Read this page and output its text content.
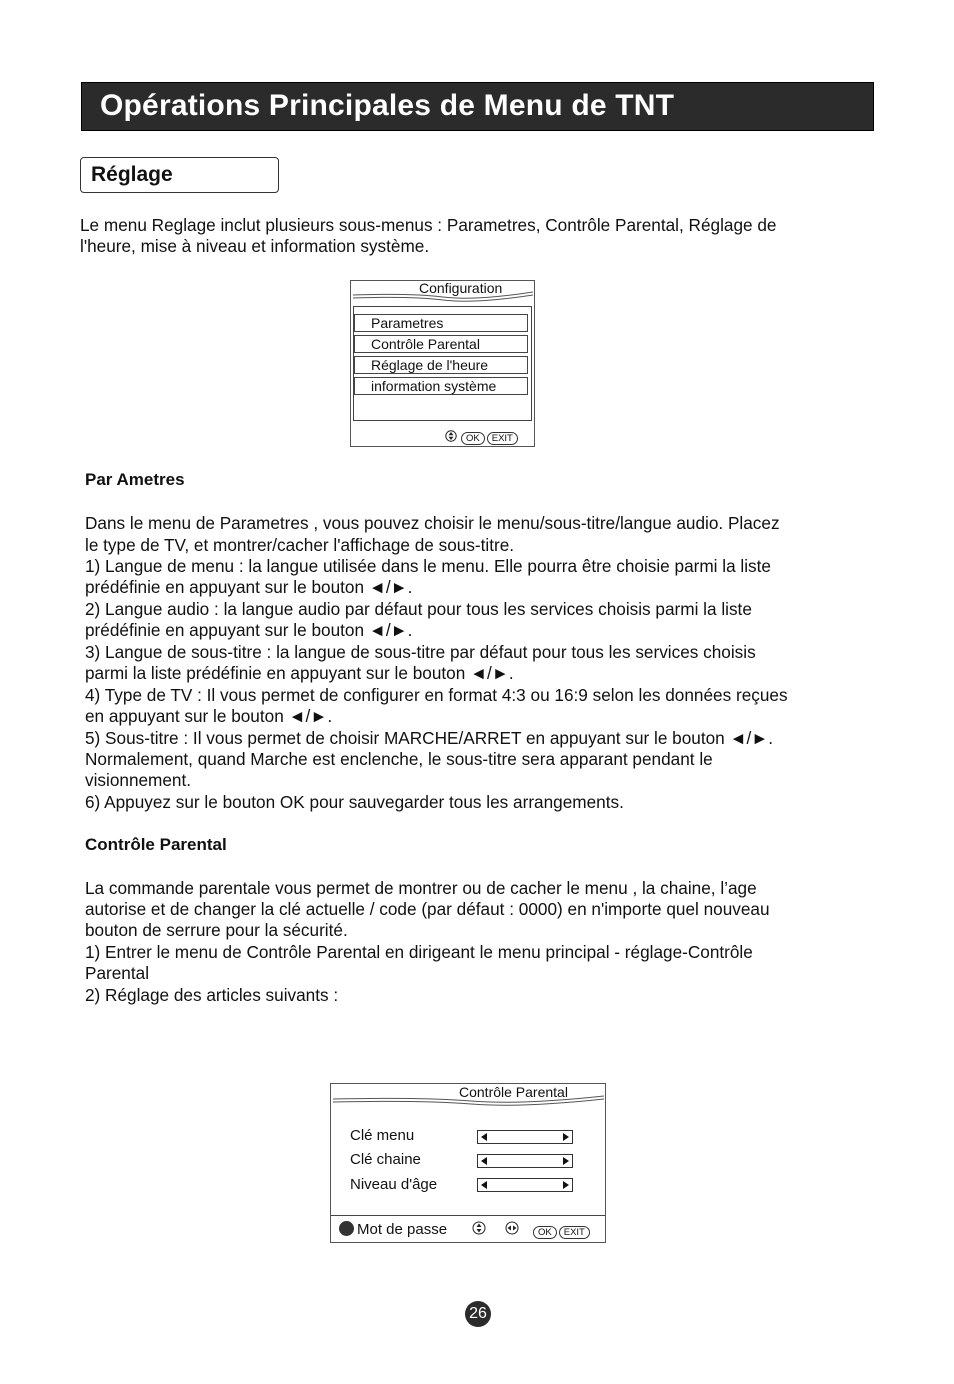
Opérations Principales de Menu de TNT
Réglage
Le menu Reglage inclut plusieurs sous-menus : Parametres, Contrôle Parental, Réglage de
l'heure, mise à niveau et information système.
Configuration
Parametres
Contrôle Parental
Réglage de l'heure
information système
OK EXIT
Par Ametres
Dans le menu de Parametres , vous pouvez choisir le menu/sous-titre/langue audio. Placez
le type de TV, et montrer/cacher l'affichage de sous-titre.
1) Langue de menu : la langue utilisée dans le menu. Elle pourra être choisie parmi la liste
prédéfinie en appuyant sur le bouton ◄/►.
2) Langue audio : la langue audio par défaut pour tous les services choisis parmi la liste
prédéfinie en appuyant sur le bouton ◄/►.
3) Langue de sous-titre : la langue de sous-titre par défaut pour tous les services choisis
parmi la liste prédéfinie en appuyant sur le bouton ◄/►.
4) Type de TV : Il vous permet de configurer en format 4:3 ou 16:9 selon les données reçues
en appuyant sur le bouton ◄/►.
5) Sous-titre : Il vous permet de choisir MARCHE/ARRET en appuyant sur le bouton ◄/►.
Normalement, quand Marche est enclenche, le sous-titre sera apparant pendant le
visionnement.
6) Appuyez sur le bouton OK pour sauvegarder tous les arrangements.
Contrôle Parental
La commande parentale vous permet de montrer ou de cacher le menu , la chaine, l’age
autorise et de changer la clé actuelle / code (par défaut : 0000) en n'importe quel nouveau
bouton de serrure pour la sécurité.
1) Entrer le menu de Contrôle Parental en dirigeant le menu principal - réglage-Contrôle
Parental
2) Réglage des articles suivants :
Contrôle Parental
Clé menu
Clé chaine
Niveau d'âge
Mot de passe	OK EXIT
26
